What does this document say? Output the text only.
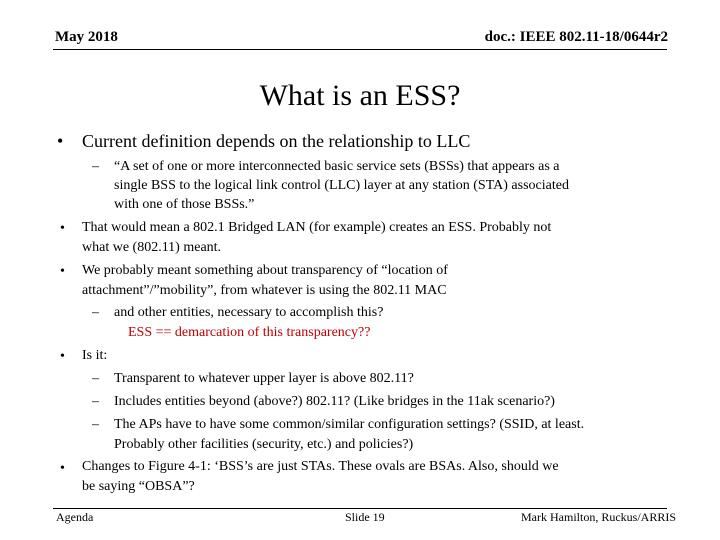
May 2018	doc.: IEEE 802.11-18/0644r2
What is an ESS?
• Current definition depends on the relationship to LLC
– “A set of one or more interconnected basic service sets (BSSs) that appears as a
single BSS to the logical link control (LLC) layer at any station (STA) associated
with one of those BSSs.”
• That would mean a 802.1 Bridged LAN (for example) creates an ESS. Probably not
what we (802.11) meant.
• We probably meant something about transparency of “location of
attachment”/”mobility”, from whatever is using the 802.11 MAC
– and other entities, necessary to accomplish this?
ESS == demarcation of this transparency??
• Is it:
– Transparent to whatever upper layer is above 802.11?
– Includes entities beyond (above?) 802.11? (Like bridges in the 11ak scenario?)
– The APs have to have some common/similar configuration settings? (SSID, at least.
Probably other facilities (security, etc.) and policies?)
• Changes to Figure 4-1: ‘BSS’s are just STAs. These ovals are BSAs. Also, should we
be saying “OBSA”?
Agenda	Slide 19	Mark Hamilton, Ruckus/ARRIS
